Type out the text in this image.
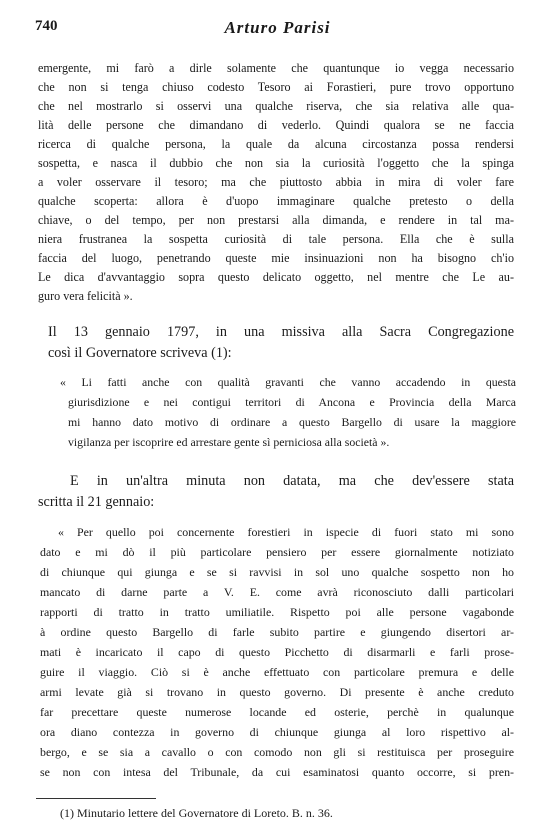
740	Arturo Parisi
emergente, mi farò a dirle solamente che quantunque io vegga necessario
che non si tenga chiuso codesto Tesoro ai Forastieri, pure trovo opportuno
che nel mostrarlo si osservi una qualche riserva, che sia relativa alle qua-
lità delle persone che dimandano di vederlo. Quindi qualora se ne faccia
ricerca di qualche persona, la quale da alcuna circostanza possa rendersi
sospetta, e nasca il dubbio che non sia la curiosità l'oggetto che la spinga
a voler osservare il tesoro; ma che piuttosto abbia in mira di voler fare
qualche scoperta: allora è d'uopo immaginare qualche pretesto o della
chiave, o del tempo, per non prestarsi alla dimanda, e rendere in tal ma-
niera frustranea la sospetta curiosità di tale persona. Ella che è sulla
faccia del luogo, penetrando queste mie insinuazioni non ha bisogno ch'io
Le dica d'avvantaggio sopra questo delicato oggetto, nel mentre che Le au-
guro vera felicità ».
Il 13 gennaio 1797, in una missiva alla Sacra Congregazione
così il Governatore scriveva (1):
« Li fatti anche con qualità gravanti che vanno accadendo in questa
giurisdizione e nei contigui territori di Ancona e Provincia della Marca
mi hanno dato motivo di ordinare a questo Bargello di usare la maggiore
vigilanza per iscoprire ed arrestare gente sì perniciosa alla società ».
E in un'altra minuta non datata, ma che dev'essere stata
scritta il 21 gennaio:
« Per quello poi concernente forestieri in ispecie di fuori stato mi sono
dato e mi dò il più particolare pensiero per essere giornalmente notiziato
di chiunque qui giunga e se si ravvisi in sol uno qualche sospetto non ho
mancato di darne parte a V. E. come avrà riconosciuto dalli particolari
rapporti di tratto in tratto umiliatile. Rispetto poi alle persone vagabonde
à ordine questo Bargello di farle subito partire e giungendo disertori ar-
mati è incaricato il capo di questo Picchetto di disarmarli e farli prose-
guire il viaggio. Ciò si è anche effettuato con particolare premura e delle
armi levate già si trovano in questo governo. Di presente è anche creduto
far precettare queste numerose locande ed osterie, perchè in qualunque
ora diano contezza in governo di chiunque giunga al loro rispettivo al-
bergo, e se sia a cavallo o con comodo non gli si restituisca per proseguire
se non con intesa del Tribunale, da cui esaminatosi quanto occorre, si pren-
(1) Minutario lettere del Governatore di Loreto. B. n. 36.
